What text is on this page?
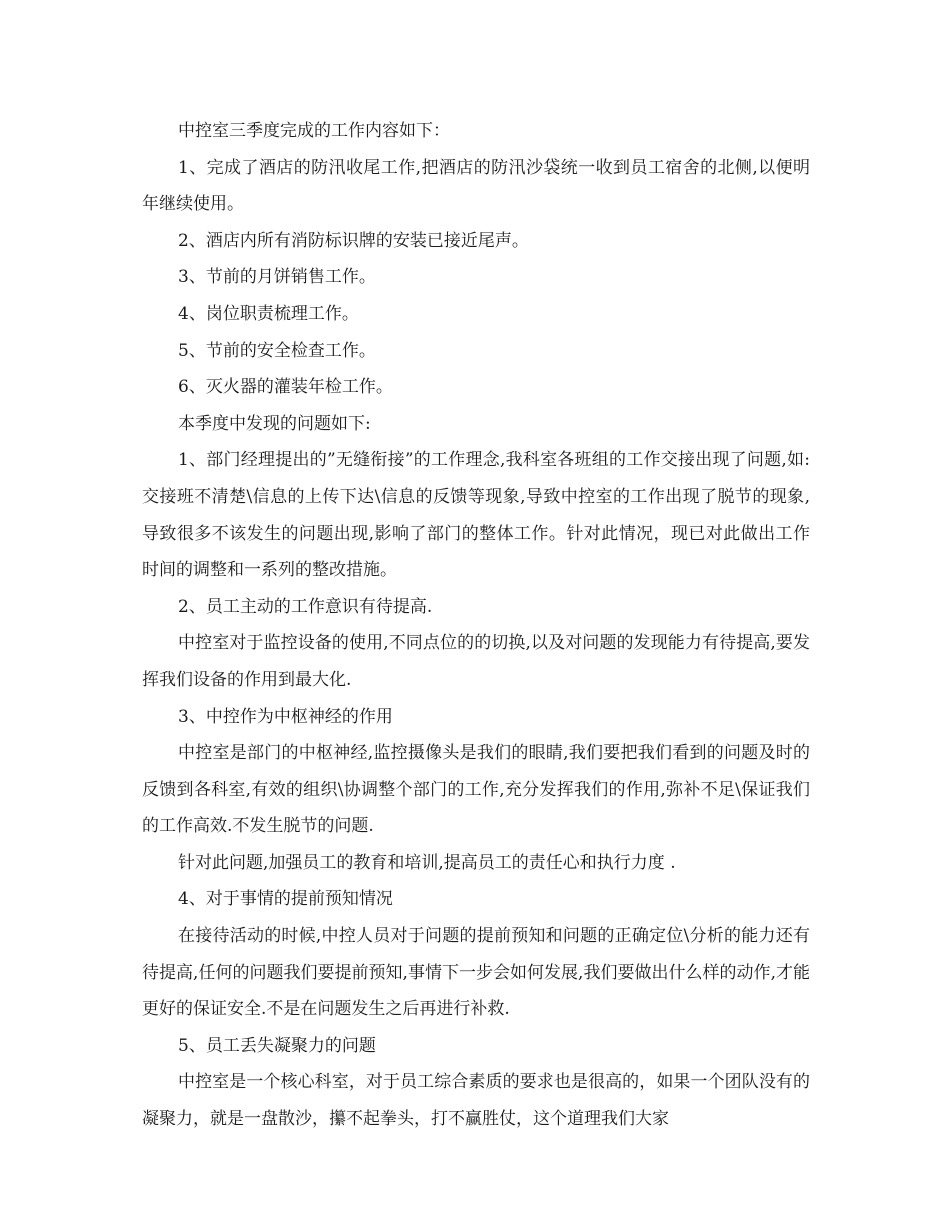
中控室三季度完成的工作内容如下：

1、完成了酒店的防汛收尾工作,把酒店的防汛沙袋统一收到员工宿舍的北侧,以便明年继续使用。

2、酒店内所有消防标识牌的安装已接近尾声。

3、节前的月饼销售工作。

4、岗位职责梳理工作。

5、节前的安全检查工作。

6、灭火器的灌装年检工作。

本季度中发现的问题如下:

1、部门经理提出的”无缝衔接”的工作理念,我科室各班组的工作交接出现了问题,如:交接班不清楚\信息的上传下达\信息的反馈等现象,导致中控室的工作出现了脱节的现象,导致很多不该发生的问题出现,影响了部门的整体工作。针对此情况，现已对此做出工作时间的调整和一系列的整改措施。

2、员工主动的工作意识有待提高.

中控室对于监控设备的使用,不同点位的的切换,以及对问题的发现能力有待提高,要发挥我们设备的作用到最大化.

3、中控作为中枢神经的作用

中控室是部门的中枢神经,监控摄像头是我们的眼睛,我们要把我们看到的问题及时的反馈到各科室,有效的组织\协调整个部门的工作,充分发挥我们的作用,弥补不足\保证我们的工作高效.不发生脱节的问题.

针对此问题,加强员工的教育和培训,提高员工的责任心和执行力度 .

4、对于事情的提前预知情况

在接待活动的时候,中控人员对于问题的提前预知和问题的正确定位\分析的能力还有待提高,任何的问题我们要提前预知,事情下一步会如何发展,我们要做出什么样的动作,才能更好的保证安全.不是在问题发生之后再进行补救.

5、员工丢失凝聚力的问题

中控室是一个核心科室，对于员工综合素质的要求也是很高的，如果一个团队没有的凝聚力，就是一盘散沙，攥不起拳头，打不赢胜仗，这个道理我们大家
